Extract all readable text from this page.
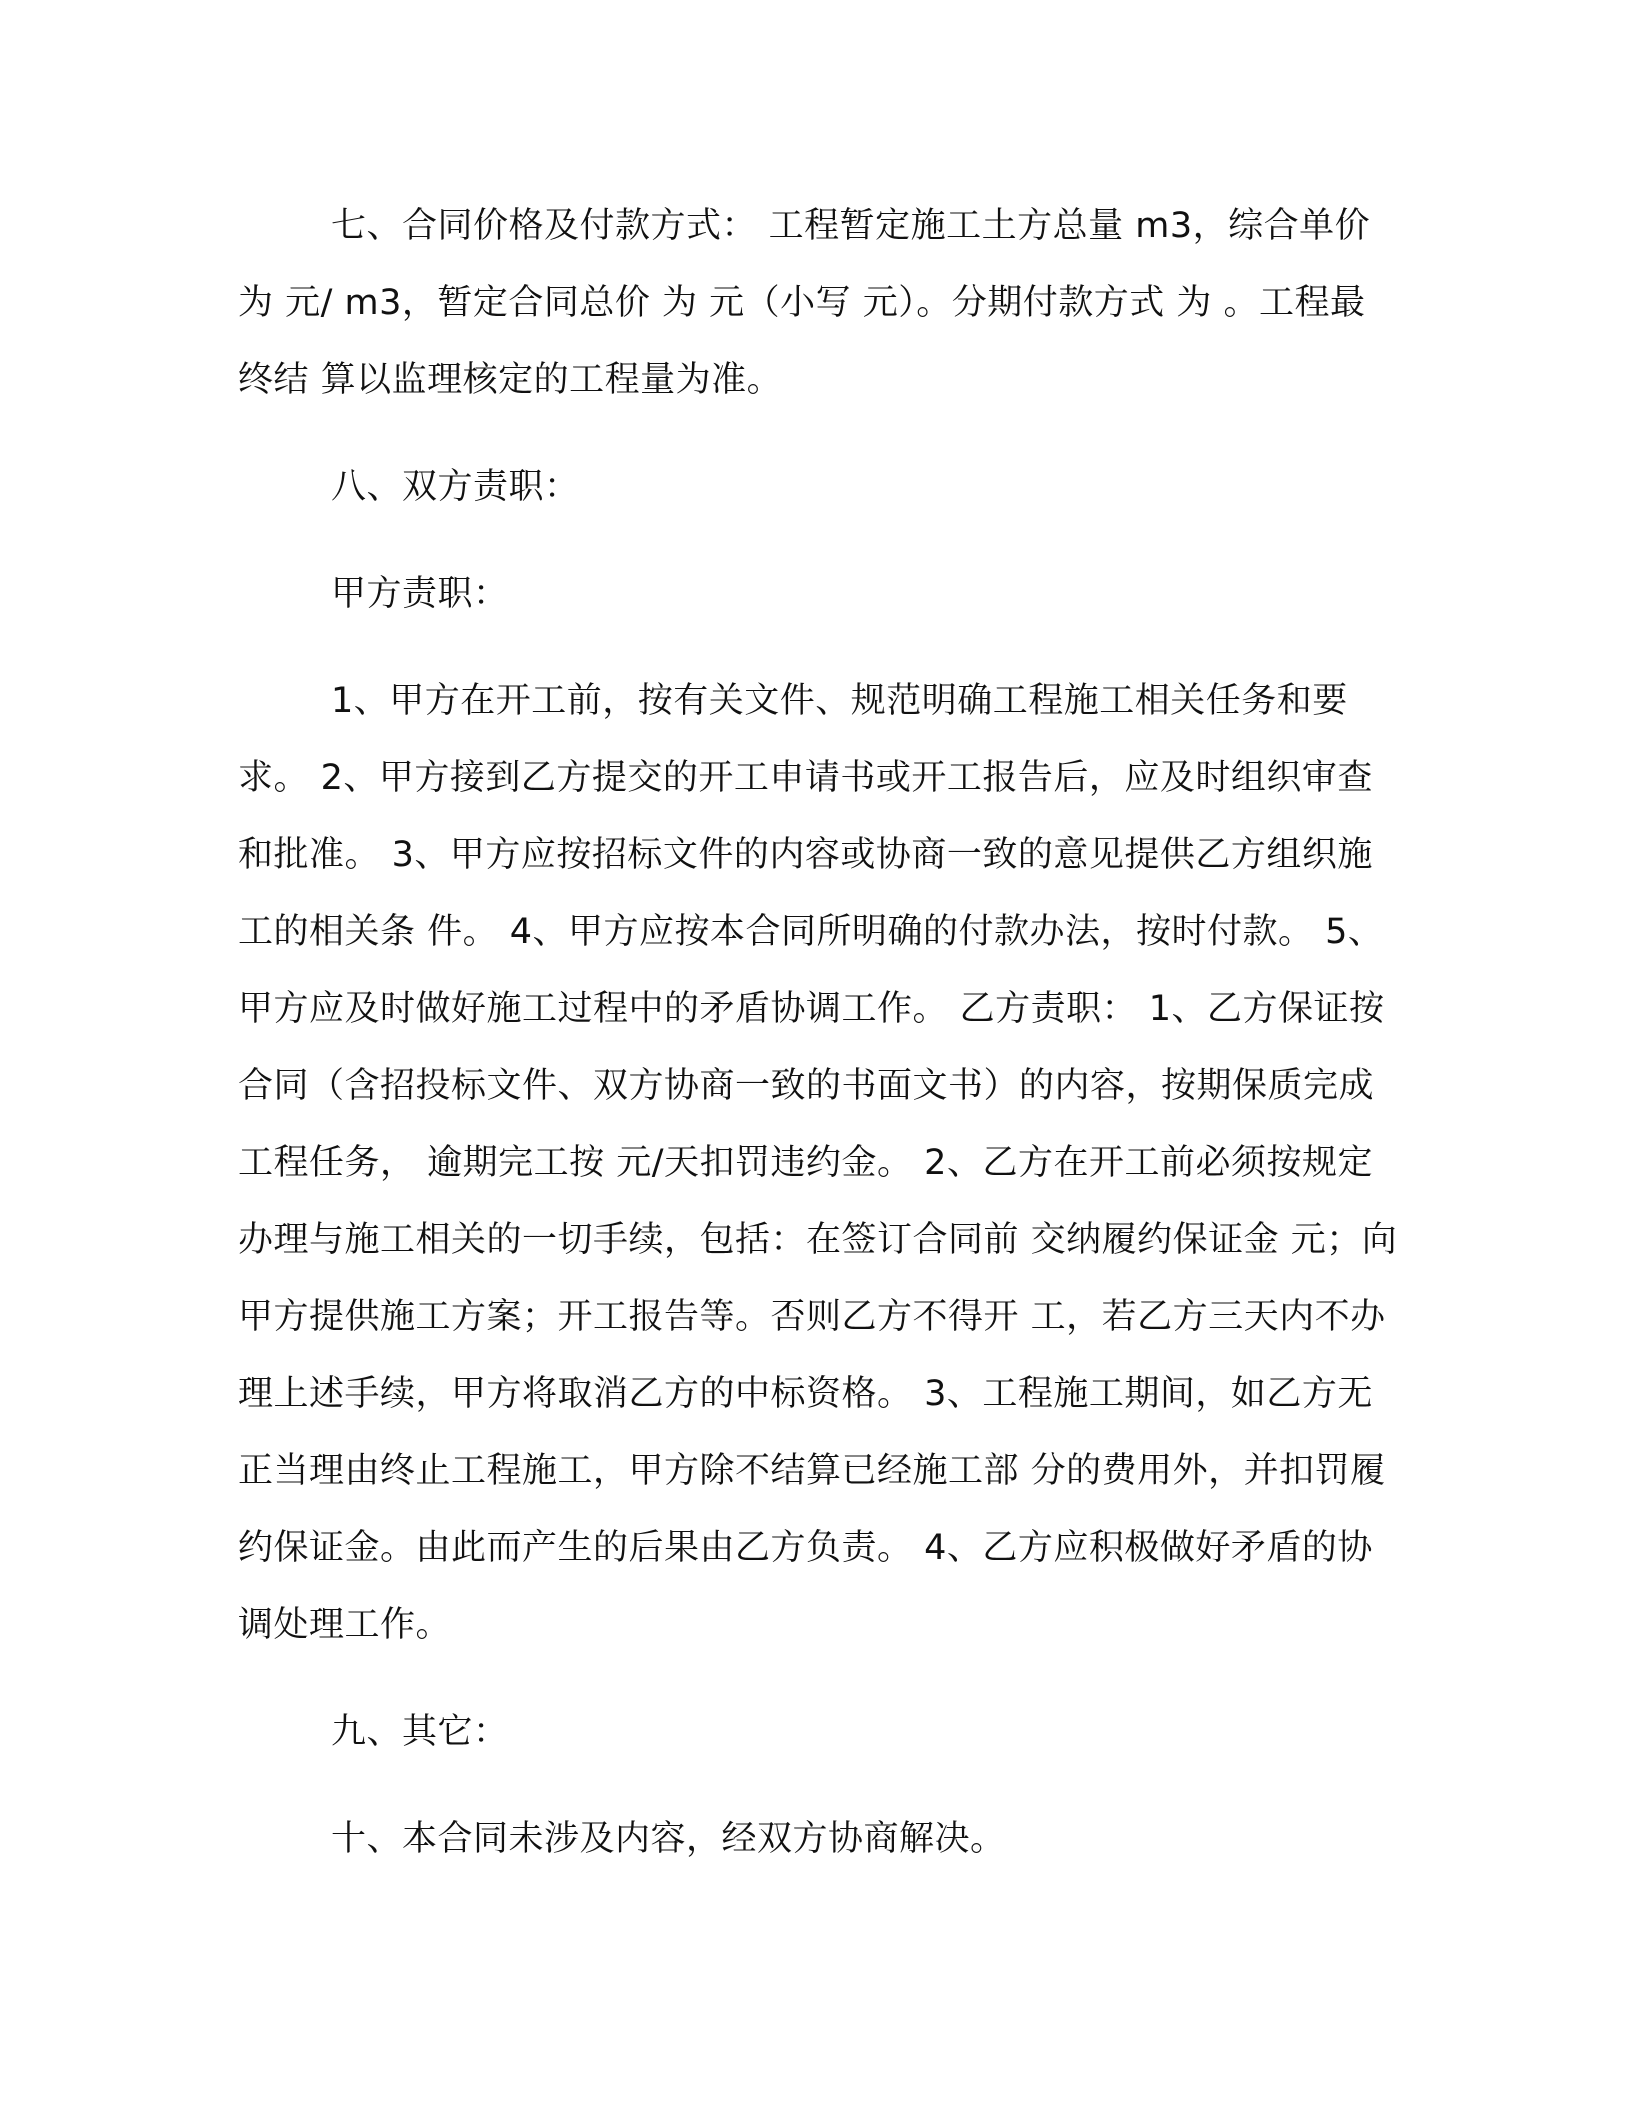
七、合同价格及付款方式： 工程暂定施工土方总量 m3，综合单价为 元/ m3，暂定合同总价 为 元（小写 元）。分期付款方式 为 。工程最终结 算以监理核定的工程量为准。

八、双方责职：

甲方责职：

1、甲方在开工前，按有关文件、规范明确工程施工相关任务和要求。 2、甲方接到乙方提交的开工申请书或开工报告后，应及时组织审查和批准。 3、甲方应按招标文件的内容或协商一致的意见提供乙方组织施工的相关条 件。 4、甲方应按本合同所明确的付款办法，按时付款。 5、甲方应及时做好施工过程中的矛盾协调工作。 乙方责职： 1、乙方保证按合同（含招投标文件、双方协商一致的书面文书）的内容，按期保质完成工程任务， 逾期完工按 元/天扣罚违约金。 2、乙方在开工前必须按规定办理与施工相关的一切手续，包括：在签订合同前 交纳履约保证金 元；向甲方提供施工方案；开工报告等。否则乙方不得开 工，若乙方三天内不办理上述手续，甲方将取消乙方的中标资格。 3、工程施工期间，如乙方无正当理由终止工程施工，甲方除不结算已经施工部 分的费用外，并扣罚履约保证金。由此而产生的后果由乙方负责。 4、乙方应积极做好矛盾的协调处理工作。

九、其它：

十、本合同未涉及内容，经双方协商解决。
